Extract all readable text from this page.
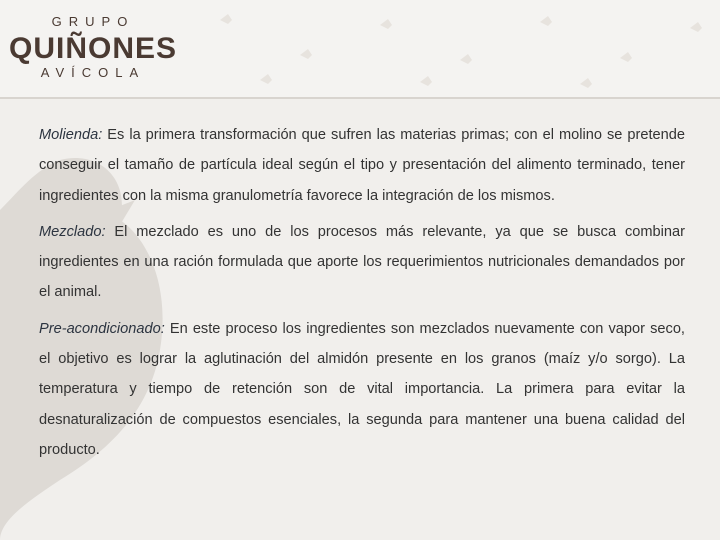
GRUPO
QUIÑONES
AVÍCOLA

Molienda: Es la primera transformación que sufren las materias primas; con el molino se pretende conseguir el tamaño de partícula ideal según el tipo y presentación del alimento terminado, tener ingredientes con la misma granulometría favorece la integración de los mismos.

Mezclado: El mezclado es uno de los procesos más relevante, ya que se busca combinar ingredientes en una ración formulada que aporte los requerimientos nutricionales demandados por el animal.

Pre-acondicionado: En este proceso los ingredientes son mezclados nuevamente con vapor seco, el objetivo es lograr la aglutinación del almidón presente en los granos (maíz y/o sorgo). La temperatura y tiempo de retención son de vital importancia. La primera para evitar la desnaturalización de compuestos esenciales, la segunda para mantener una buena calidad del producto.
